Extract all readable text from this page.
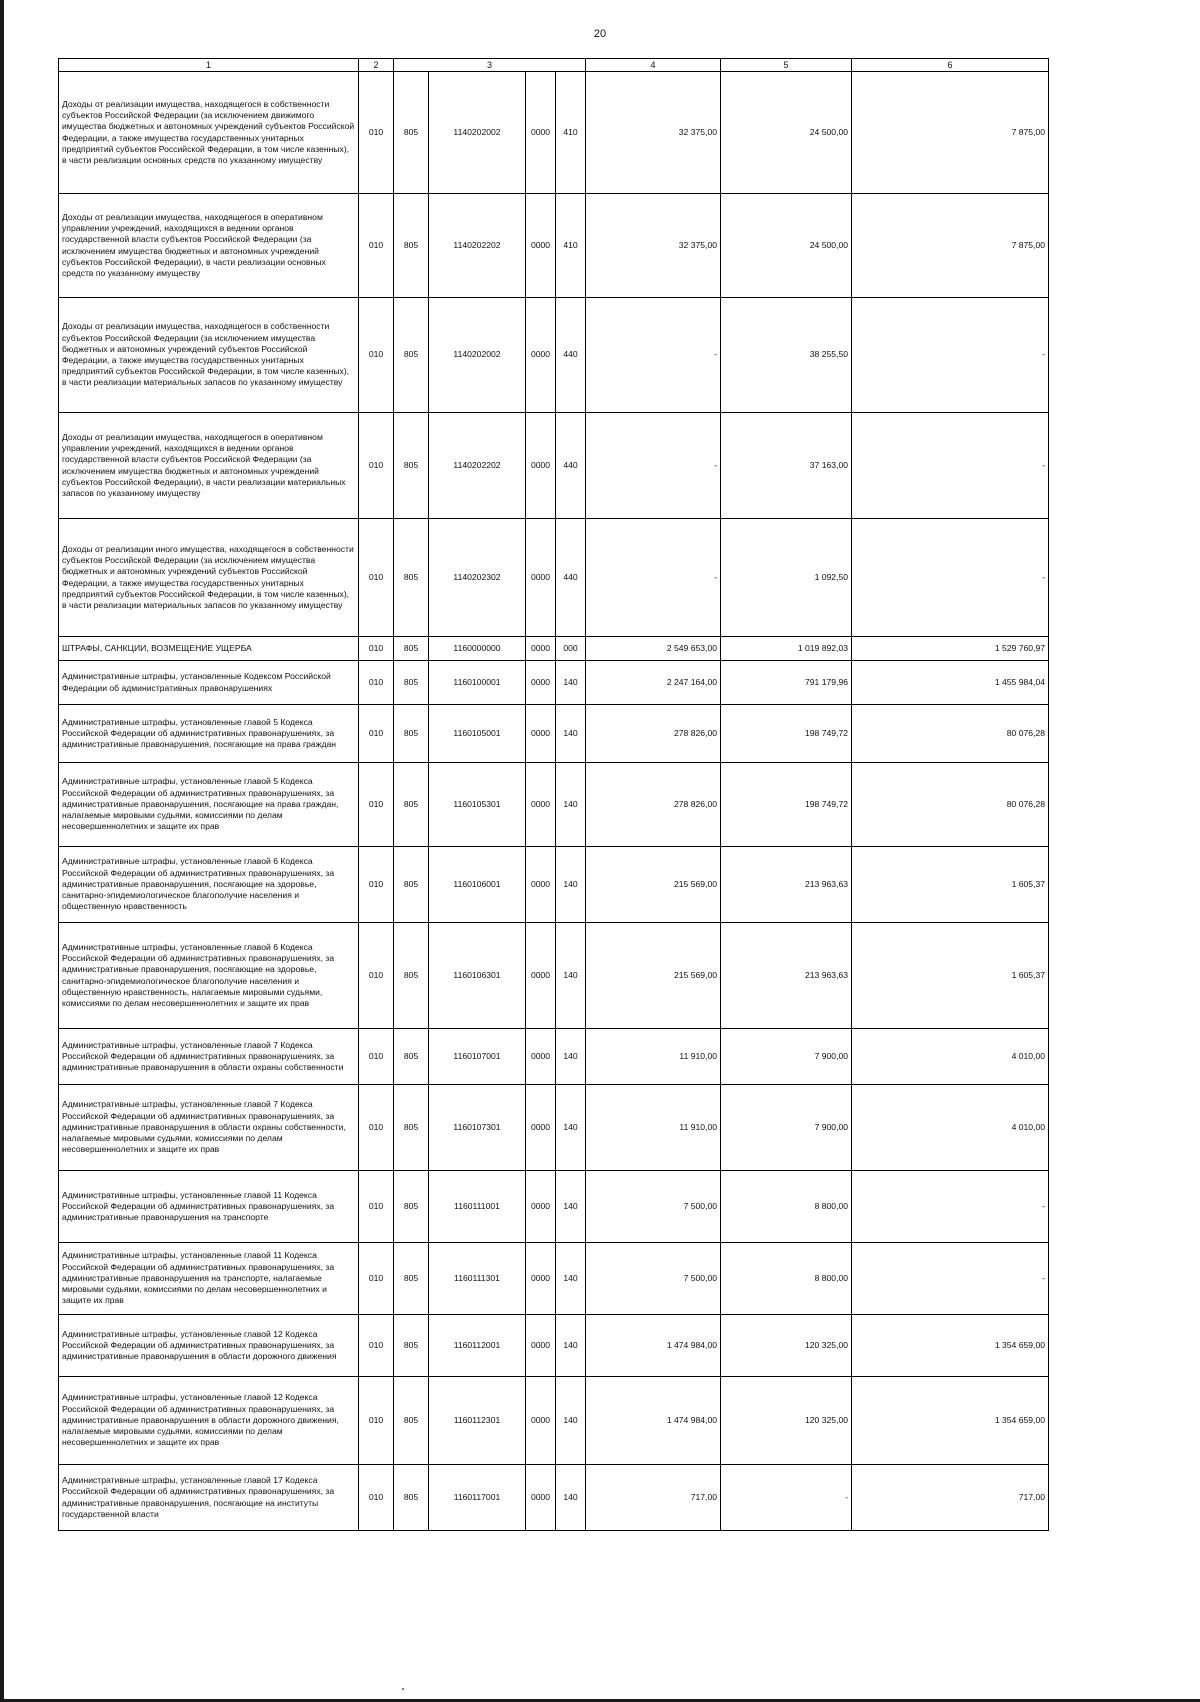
20
1	2	3				4	5	6
Доходы от реализации имущества, находящегося в собственности субъектов Российской Федерации (за исключением движимого имущества бюджетных и автономных учреждений субъектов Российской Федерации, а также имущества государственных унитарных предприятий субъектов Российской Федерации, в том числе казенных), в части реализации основных средств по указанному имуществу	010	805	1140202002	0000	410	32 375,00	24 500,00	7 875,00
Доходы от реализации имущества, находящегося в оперативном управлении учреждений, находящихся в ведении органов государственной власти субъектов Российской Федерации (за исключением имущества бюджетных и автономных учреждений субъектов Российской Федерации), в части реализации основных средств по указанному имуществу	010	805	1140202202	0000	410	32 375,00	24 500,00	7 875,00
Доходы от реализации имущества, находящегося в собственности субъектов Российской Федерации (за исключением имущества бюджетных и автономных учреждений субъектов Российской Федерации, а также имущества государственных унитарных предприятий субъектов Российской Федерации, в том числе казенных), в части реализации материальных запасов по указанному имуществу	010	805	1140202002	0000	440	-	38 255,50	-
Доходы от реализации имущества, находящегося в оперативном управлении учреждений, находящихся в ведении органов государственной власти субъектов Российской Федерации (за исключением имущества бюджетных и автономных учреждений субъектов Российской Федерации), в части реализации материальных запасов по указанному имуществу	010	805	1140202202	0000	440	-	37 163,00	-
Доходы от реализации иного имущества, находящегося в собственности субъектов Российской Федерации (за исключением имущества бюджетных и автономных учреждений субъектов Российской Федерации, а также имущества государственных унитарных предприятий субъектов Российской Федерации, в том числе казенных), в части реализации материальных запасов по указанному имуществу	010	805	1140202302	0000	440	-	1 092,50	-
ШТРАФЫ, САНКЦИИ, ВОЗМЕЩЕНИЕ УЩЕРБА	010	805	1160000000	0000	000	2 549 653,00	1 019 892,03	1 529 760,97
Административные штрафы, установленные Кодексом Российской Федерации об административных правонарушениях	010	805	1160100001	0000	140	2 247 164,00	791 179,96	1 455 984,04
Административные штрафы, установленные главой 5 Кодекса Российской Федерации об административных правонарушениях, за административные правонарушения, посягающие на права граждан	010	805	1160105001	0000	140	278 826,00	198 749,72	80 076,28
Административные штрафы, установленные главой 5 Кодекса Российской Федерации об административных правонарушениях, за административные правонарушения, посягающие на права граждан, налагаемые мировыми судьями, комиссиями по делам несовершеннолетних и защите их прав	010	805	1160105301	0000	140	278 826,00	198 749,72	80 076,28
Административные штрафы, установленные главой 6 Кодекса Российской Федерации об административных правонарушениях, за административные правонарушения, посягающие на здоровье, санитарно-эпидемиологическое благополучие населения и общественную нравственность	010	805	1160106001	0000	140	215 569,00	213 963,63	1 605,37
Административные штрафы, установленные главой 6 Кодекса Российской Федерации об административных правонарушениях, за административные правонарушения, посягающие на здоровье, санитарно-эпидемиологическое благополучие населения и общественную нравственность, налагаемые мировыми судьями, комиссиями по делам несовершеннолетних и защите их прав	010	805	1160106301	0000	140	215 569,00	213 963,63	1 605,37
Административные штрафы, установленные главой 7 Кодекса Российской Федерации об административных правонарушениях, за административные правонарушения в области охраны собственности	010	805	1160107001	0000	140	11 910,00	7 900,00	4 010,00
Административные штрафы, установленные главой 7 Кодекса Российской Федерации об административных правонарушениях, за административные правонарушения в области охраны собственности, налагаемые мировыми судьями, комиссиями по делам несовершеннолетних и защите их прав	010	805	1160107301	0000	140	11 910,00	7 900,00	4 010,00
Административные штрафы, установленные главой 11 Кодекса Российской Федерации об административных правонарушениях, за административные правонарушения на транспорте	010	805	1160111001	0000	140	7 500,00	8 800,00	-
Административные штрафы, установленные главой 11 Кодекса Российской Федерации об административных правонарушениях, за административные правонарушения на транспорте, налагаемые мировыми судьями, комиссиями по делам несовершеннолетних и защите их прав	010	805	1160111301	0000	140	7 500,00	8 800,00	-
Административные штрафы, установленные главой 12 Кодекса Российской Федерации об административных правонарушениях, за административные правонарушения в области дорожного движения	010	805	1160112001	0000	140	1 474 984,00	120 325,00	1 354 659,00
Административные штрафы, установленные главой 12 Кодекса Российской Федерации об административных правонарушениях, за административные правонарушения в области дорожного движения, налагаемые мировыми судьями, комиссиями по делам несовершеннолетних и защите их прав	010	805	1160112301	0000	140	1 474 984,00	120 325,00	1 354 659,00
Административные штрафы, установленные главой 17 Кодекса Российской Федерации об административных правонарушениях, за административные правонарушения, посягающие на институты государственной власти	010	805	1160117001	0000	140	717,00	-	717,00
